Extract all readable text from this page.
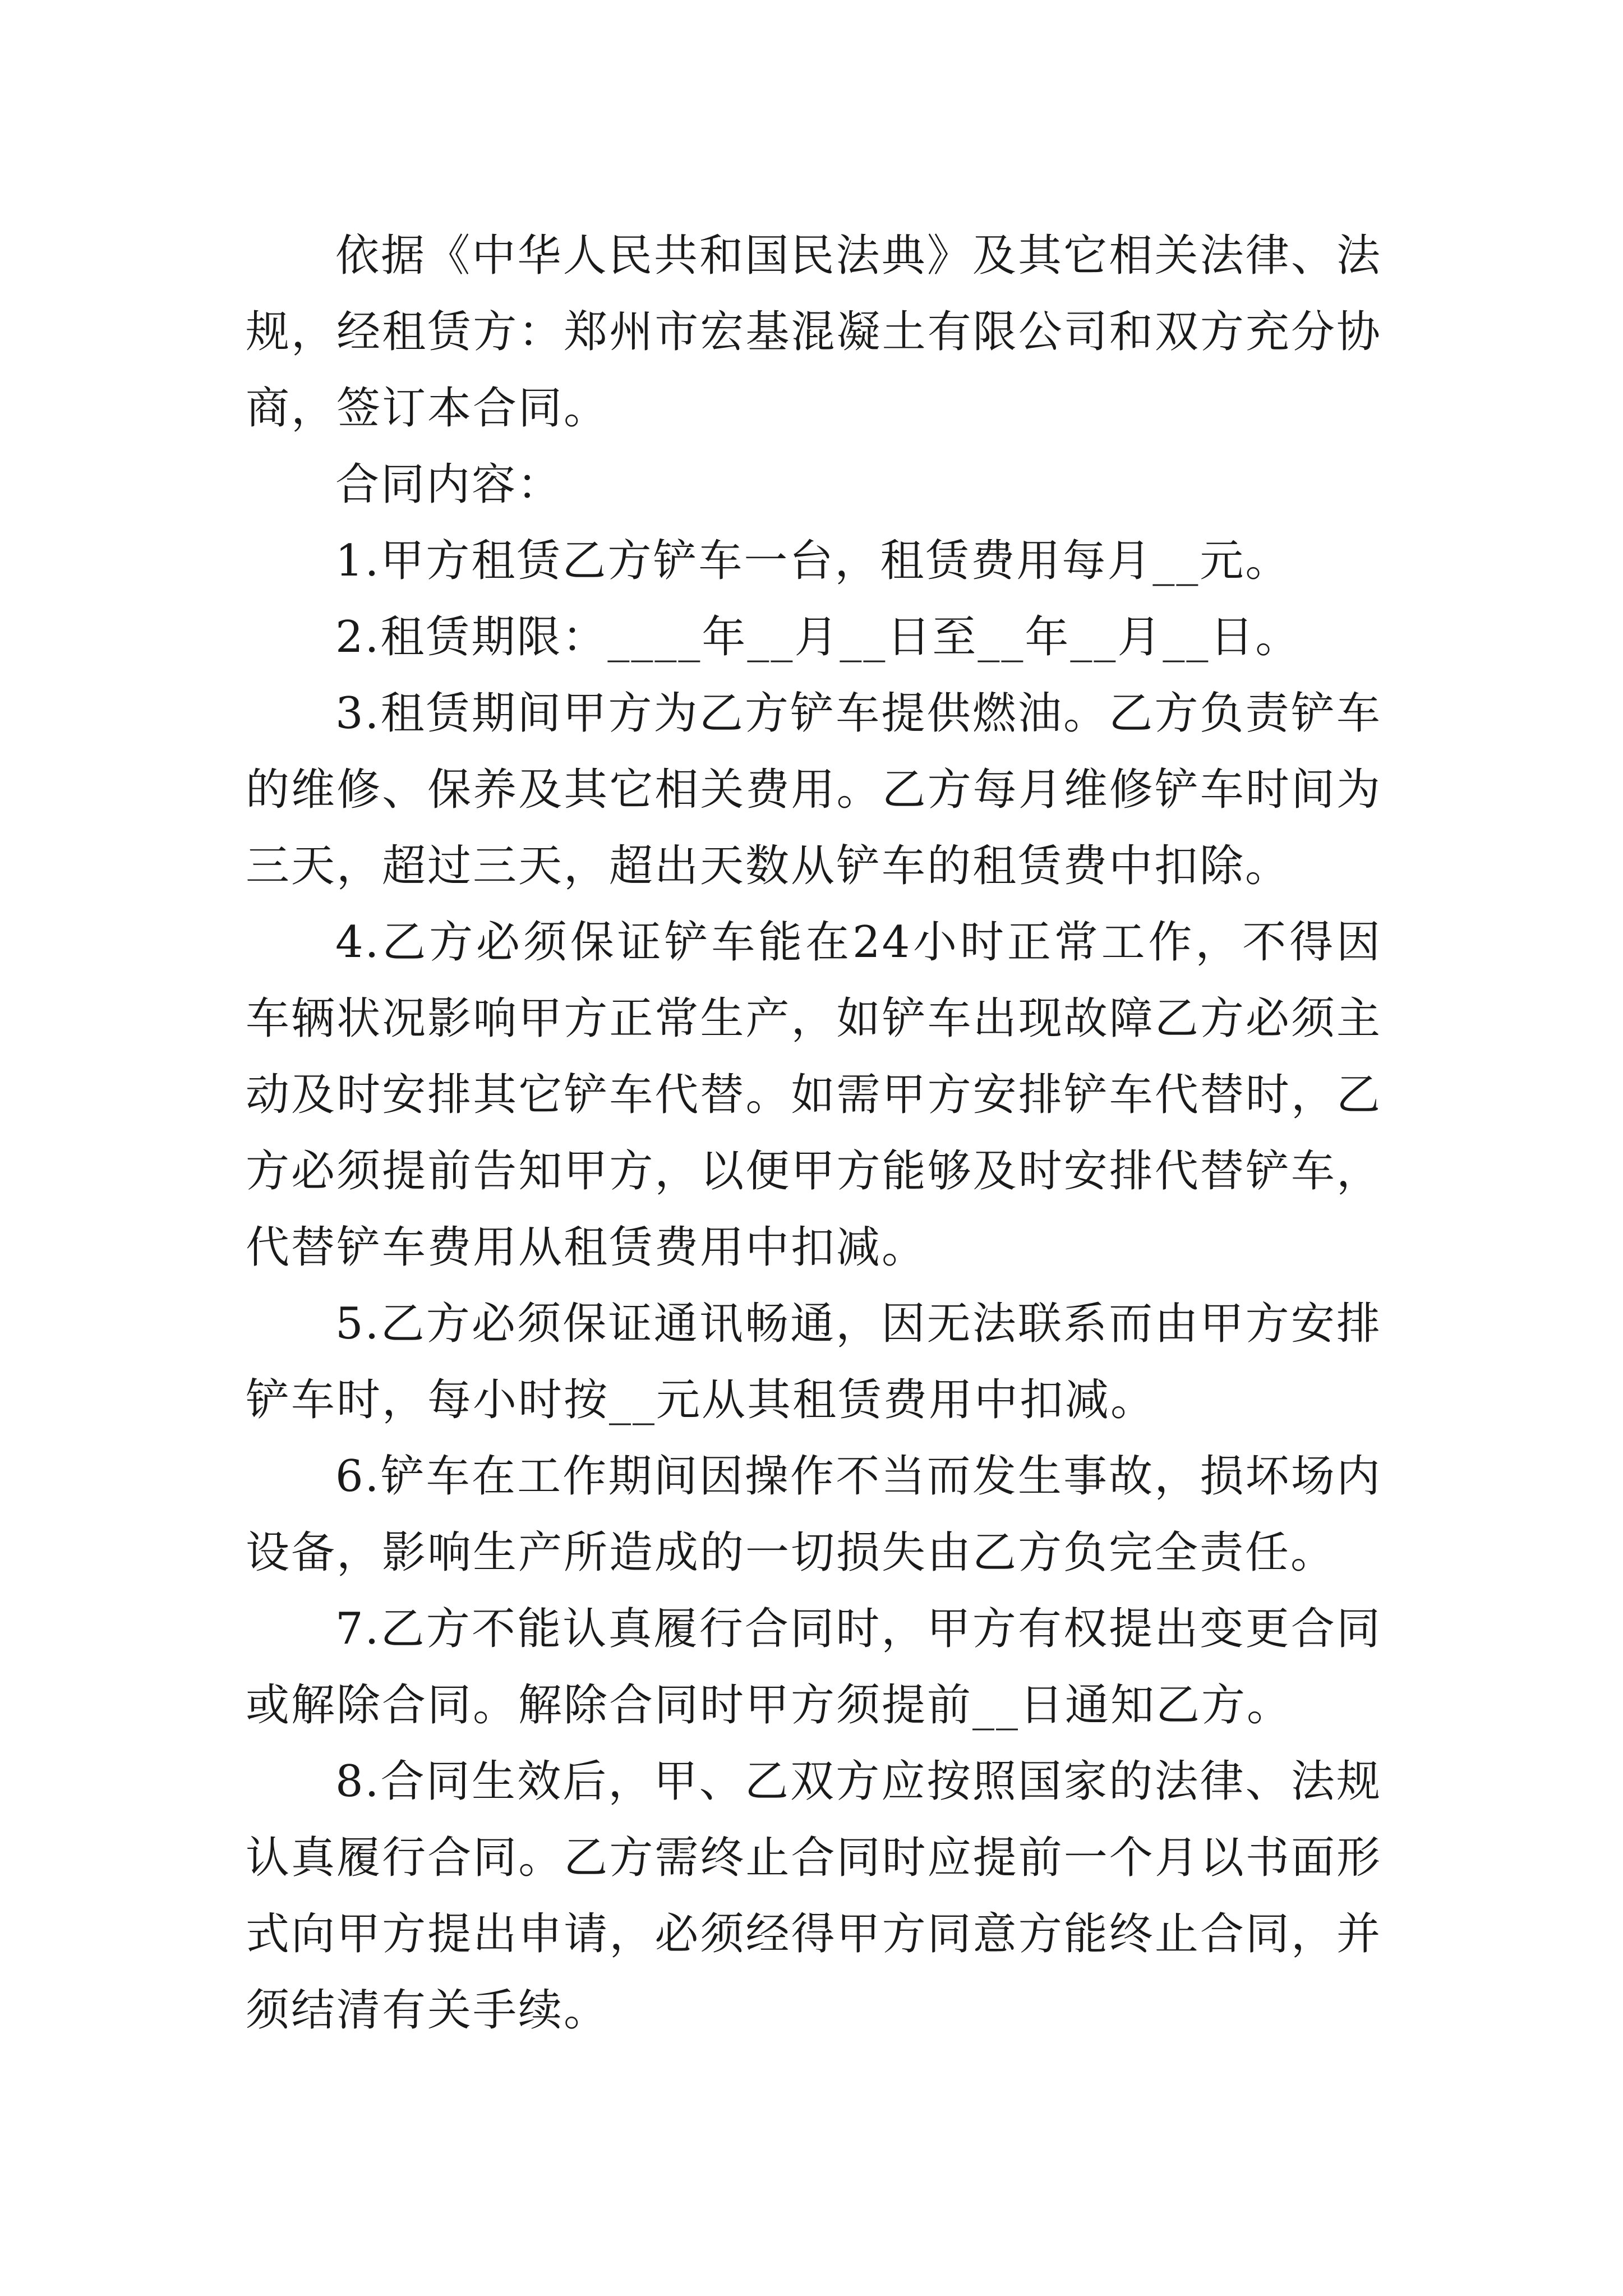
依据《中华人民共和国民法典》及其它相关法律、法规，经租赁方：郑州市宏基混凝土有限公司和双方充分协商，签订本合同。

合同内容：

1.甲方租赁乙方铲车一台，租赁费用每月__元。

2.租赁期限：____年__月__日至__年__月__日。

3.租赁期间甲方为乙方铲车提供燃油。乙方负责铲车的维修、保养及其它相关费用。乙方每月维修铲车时间为三天，超过三天，超出天数从铲车的租赁费中扣除。

4.乙方必须保证铲车能在24小时正常工作，不得因车辆状况影响甲方正常生产，如铲车出现故障乙方必须主动及时安排其它铲车代替。如需甲方安排铲车代替时，乙方必须提前告知甲方，以便甲方能够及时安排代替铲车，代替铲车费用从租赁费用中扣减。

5.乙方必须保证通讯畅通，因无法联系而由甲方安排铲车时，每小时按__元从其租赁费用中扣减。

6.铲车在工作期间因操作不当而发生事故，损坏场内设备，影响生产所造成的一切损失由乙方负完全责任。

7.乙方不能认真履行合同时，甲方有权提出变更合同或解除合同。解除合同时甲方须提前__日通知乙方。

8.合同生效后，甲、乙双方应按照国家的法律、法规认真履行合同。乙方需终止合同时应提前一个月以书面形式向甲方提出申请，必须经得甲方同意方能终止合同，并须结清有关手续。
